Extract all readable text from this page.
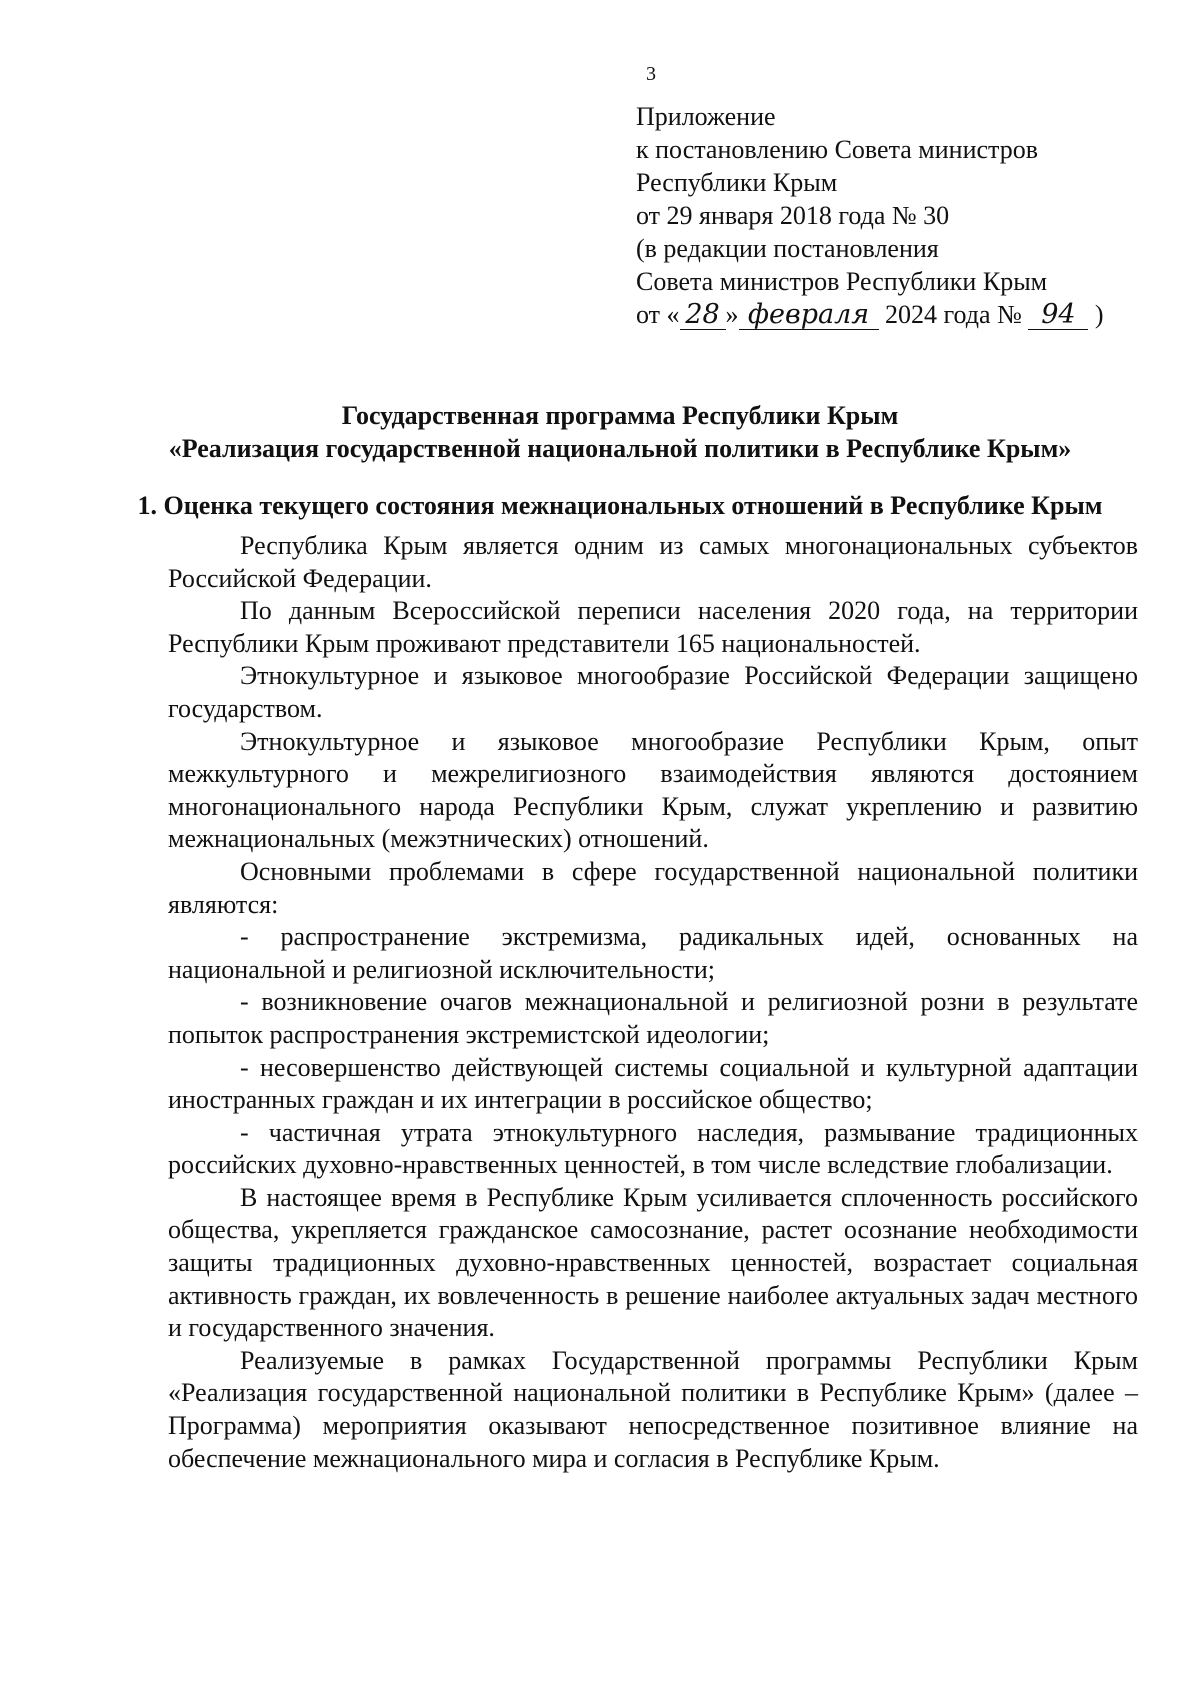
3
Приложение
к постановлению Совета министров
Республики Крым
от 29 января 2018 года № 30
(в редакции постановления
Совета министров Республики Крым
от « 28 » февраля 2024 года № 94 )
Государственная программа Республики Крым
«Реализация государственной национальной политики в Республике Крым»
1. Оценка текущего состояния межнациональных отношений в Республике Крым

Республика Крым является одним из самых многонациональных субъектов Российской Федерации.

По данным Всероссийской переписи населения 2020 года, на территории Республики Крым проживают представители 165 национальностей.

Этнокультурное и языковое многообразие Российской Федерации защищено государством.

Этнокультурное и языковое многообразие Республики Крым, опыт межкультурного и межрелигиозного взаимодействия являются достоянием многонационального народа Республики Крым, служат укреплению и развитию межнациональных (межэтнических) отношений.

Основными проблемами в сфере государственной национальной политики являются:

- распространение экстремизма, радикальных идей, основанных на национальной и религиозной исключительности;

- возникновение очагов межнациональной и религиозной розни в результате попыток распространения экстремистской идеологии;

- несовершенство действующей системы социальной и культурной адаптации иностранных граждан и их интеграции в российское общество;

- частичная утрата этнокультурного наследия, размывание традиционных российских духовно-нравственных ценностей, в том числе вследствие глобализации.

В настоящее время в Республике Крым усиливается сплоченность российского общества, укрепляется гражданское самосознание, растет осознание необходимости защиты традиционных духовно-нравственных ценностей, возрастает социальная активность граждан, их вовлеченность в решение наиболее актуальных задач местного и государственного значения.

Реализуемые в рамках Государственной программы Республики Крым «Реализация государственной национальной политики в Республике Крым» (далее – Программа) мероприятия оказывают непосредственное позитивное влияние на обеспечение межнационального мира и согласия в Республике Крым.
